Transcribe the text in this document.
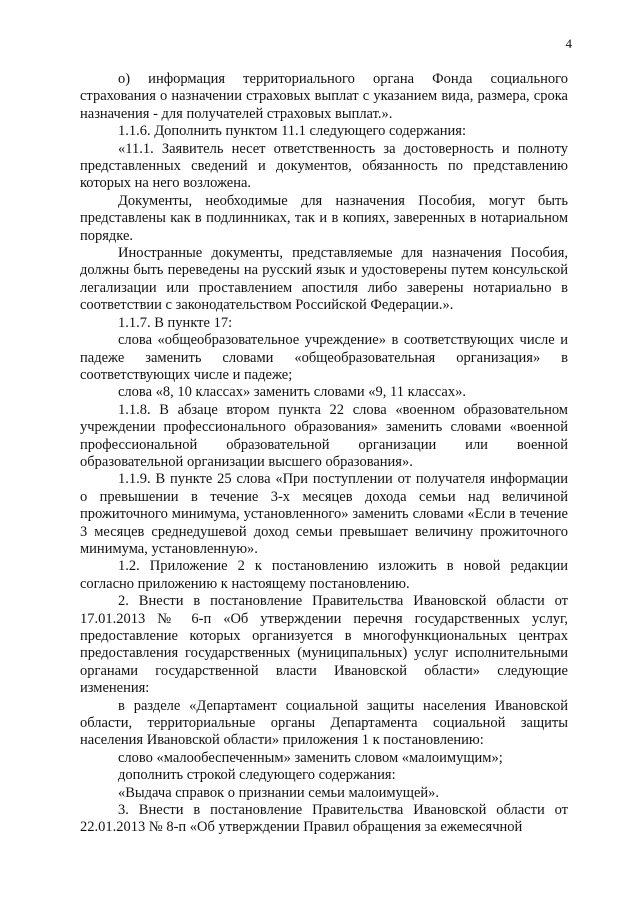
4

о) информация территориального органа Фонда социального страхования о назначении страховых выплат с указанием вида, размера, срока назначения - для получателей страховых выплат.».

1.1.6. Дополнить пунктом 11.1 следующего содержания:

«11.1. Заявитель несет ответственность за достоверность и полноту представленных сведений и документов, обязанность по представлению которых на него возложена.

Документы, необходимые для назначения Пособия, могут быть представлены как в подлинниках, так и в копиях, заверенных в нотариальном порядке.

Иностранные документы, представляемые для назначения Пособия, должны быть переведены на русский язык и удостоверены путем консульской легализации или проставлением апостиля либо заверены нотариально в соответствии с законодательством Российской Федерации.».

1.1.7. В пункте 17:

слова «общеобразовательное учреждение» в соответствующих числе и падеже заменить словами «общеобразовательная организация» в соответствующих числе и падеже;

слова «8, 10 классах» заменить словами «9, 11 классах».

1.1.8. В абзаце втором пункта 22 слова «военном образовательном учреждении профессионального образования» заменить словами «военной профессиональной образовательной организации или военной образовательной организации высшего образования».

1.1.9. В пункте 25 слова «При поступлении от получателя информации о превышении в течение 3-х месяцев дохода семьи над величиной прожиточного минимума, установленного» заменить словами «Если в течение 3 месяцев среднедушевой доход семьи превышает величину прожиточного минимума, установленную».

1.2. Приложение 2 к постановлению изложить в новой редакции согласно приложению к настоящему постановлению.

2. Внести в постановление Правительства Ивановской области от 17.01.2013 № 6-п «Об утверждении перечня государственных услуг, предоставление которых организуется в многофункциональных центрах предоставления государственных (муниципальных) услуг исполнительными органами государственной власти Ивановской области» следующие изменения:

в разделе «Департамент социальной защиты населения Ивановской области, территориальные органы Департамента социальной защиты населения Ивановской области» приложения 1 к постановлению:

слово «малообеспеченным» заменить словом «малоимущим»;

дополнить строкой следующего содержания:

«Выдача справок о признании семьи малоимущей».

3. Внести в постановление Правительства Ивановской области от 22.01.2013 № 8-п «Об утверждении Правил обращения за ежемесячной
